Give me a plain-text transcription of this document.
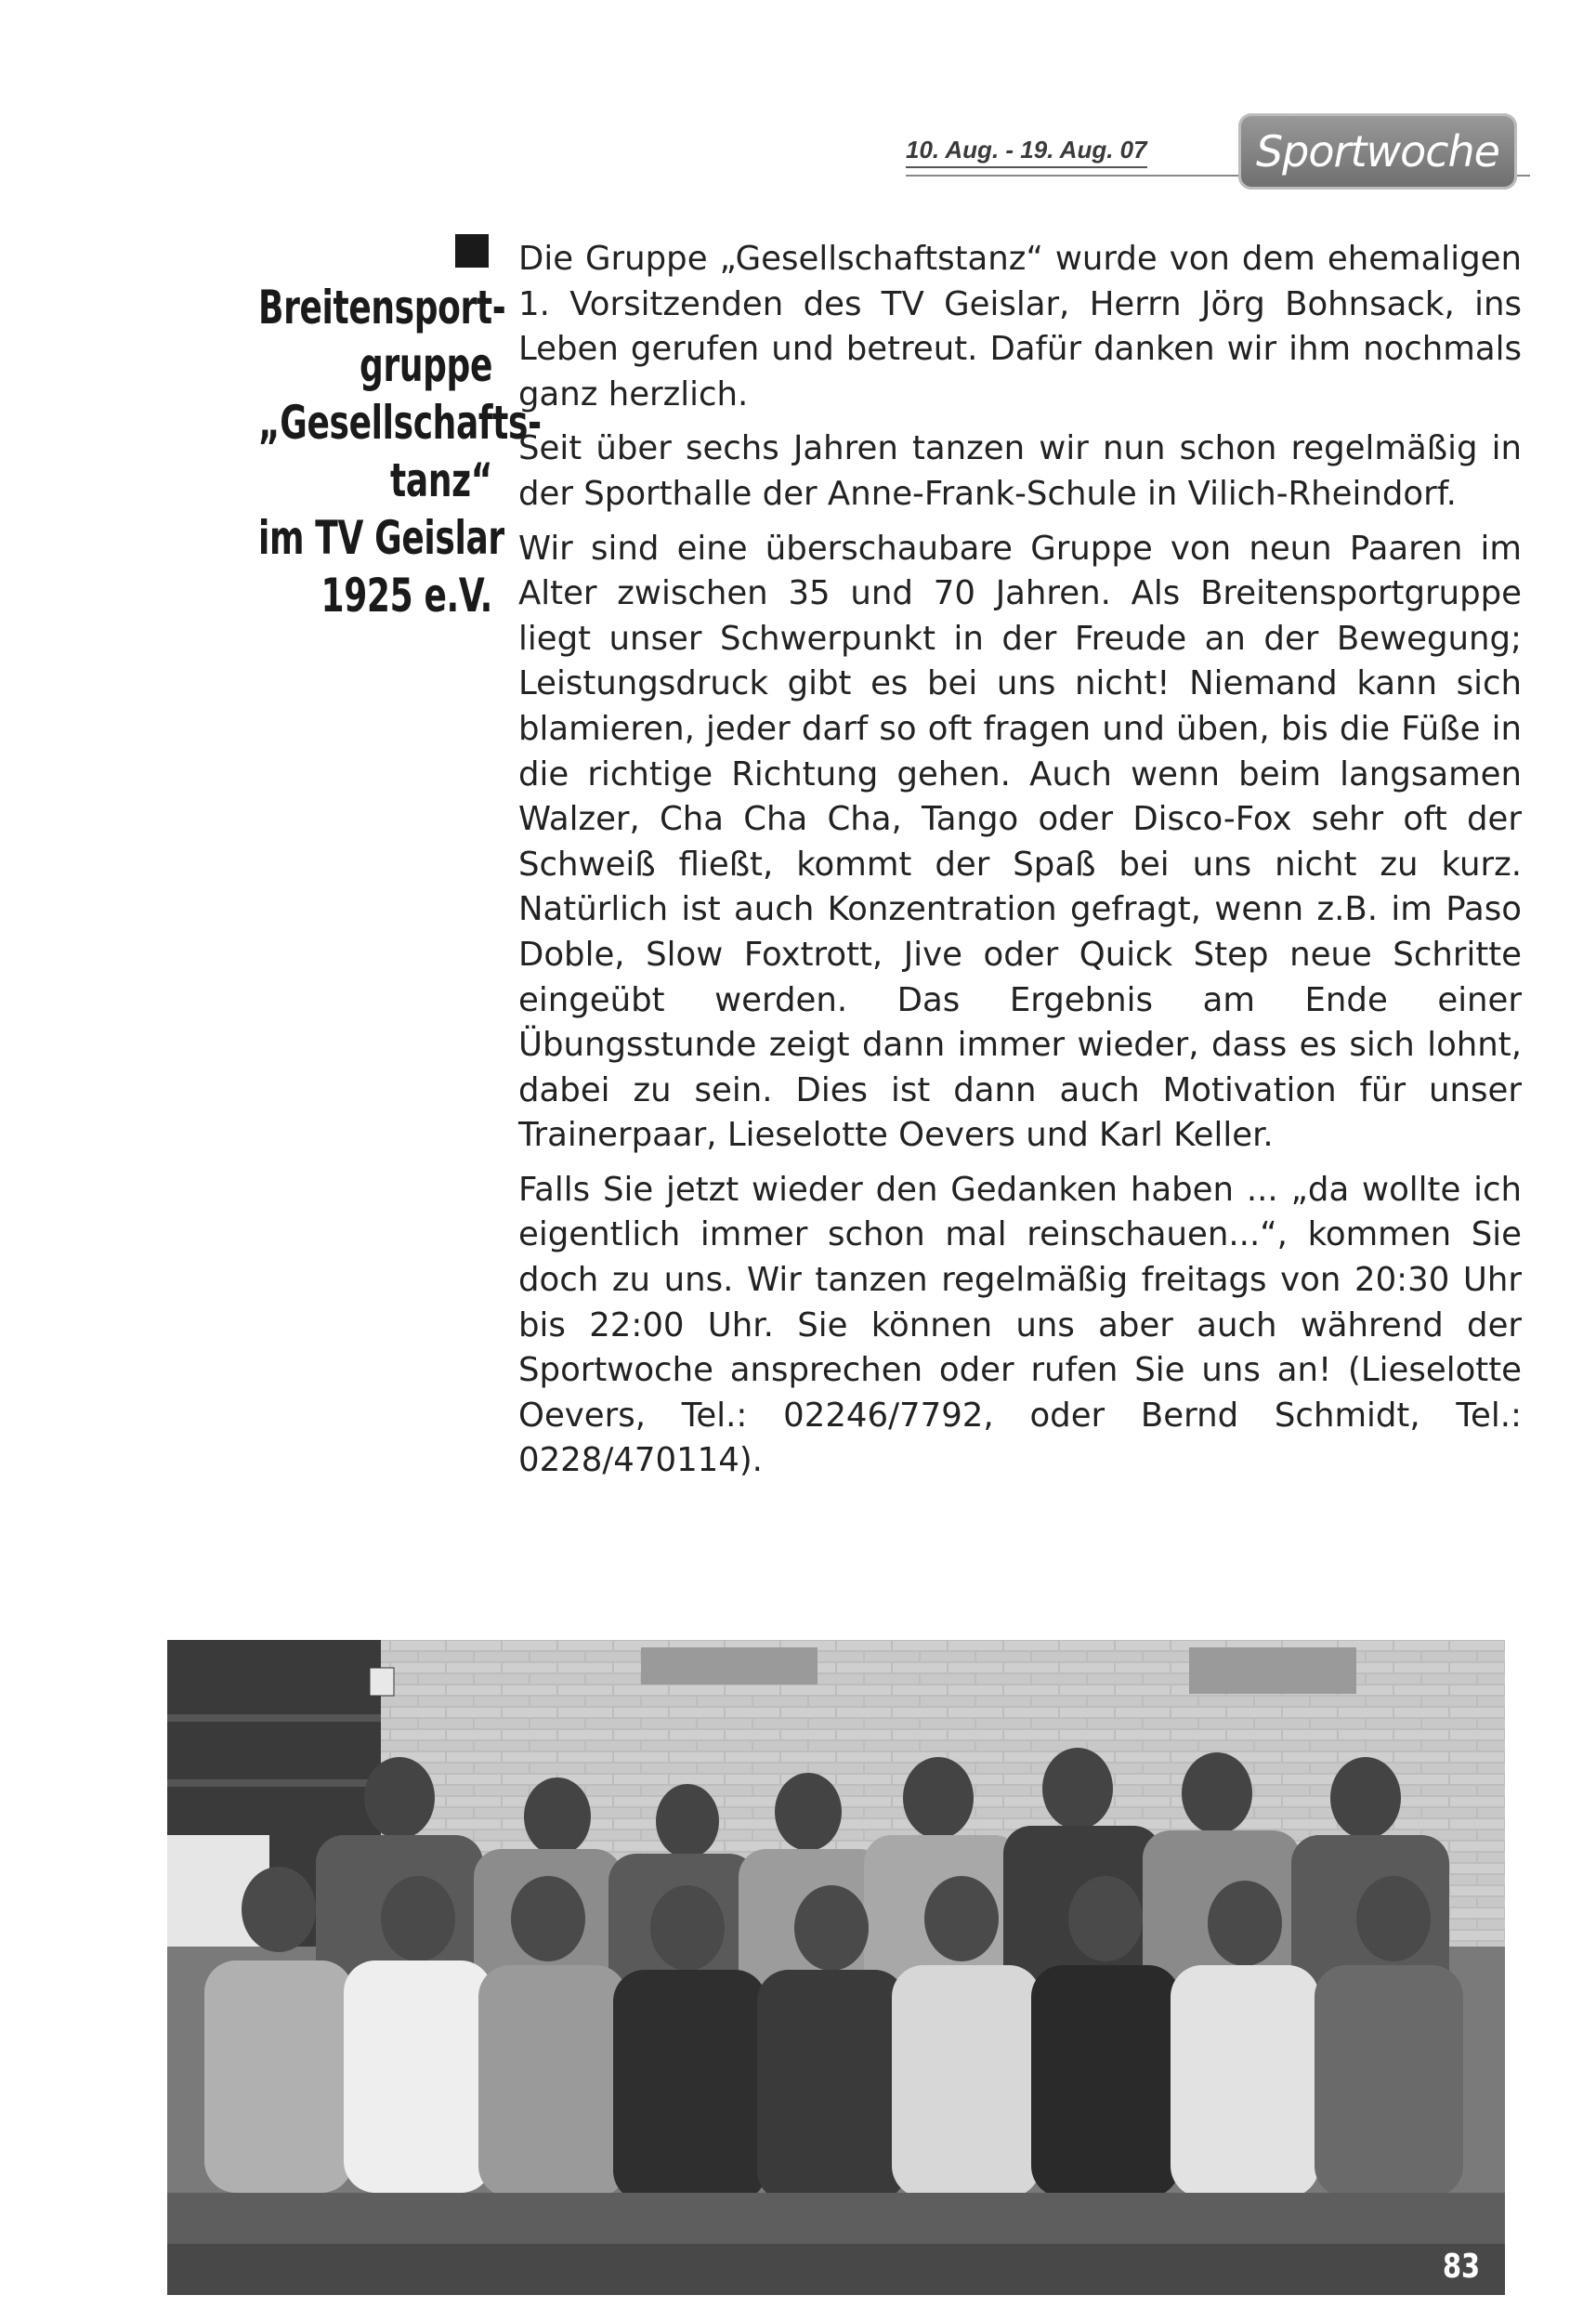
10. Aug. - 19. Aug. 07	Sportwoche
Breitensport-
gruppe
„Gesellschafts-
tanz“
im TV Geislar
1925 e.V.

Die Gruppe „Gesellschaftstanz“ wurde von dem ehemaligen 1. Vorsitzenden des TV Geislar, Herrn Jörg Bohnsack, ins Leben gerufen und betreut. Dafür danken wir ihm nochmals ganz herzlich.

Seit über sechs Jahren tanzen wir nun schon regelmäßig in der Sporthalle der Anne-Frank-Schule in Vilich-Rheindorf.

Wir sind eine überschaubare Gruppe von neun Paaren im Alter zwischen 35 und 70 Jahren. Als Breitensportgruppe liegt unser Schwerpunkt in der Freude an der Bewegung; Leistungsdruck gibt es bei uns nicht! Niemand kann sich blamieren, jeder darf so oft fragen und üben, bis die Füße in die richtige Richtung gehen. Auch wenn beim langsamen Walzer, Cha Cha Cha, Tango oder Disco-Fox sehr oft der Schweiß fließt, kommt der Spaß bei uns nicht zu kurz. Natürlich ist auch Konzentration gefragt, wenn z.B. im Paso Doble, Slow Foxtrott, Jive oder Quick Step neue Schritte eingeübt werden. Das Ergebnis am Ende einer Übungsstunde zeigt dann immer wieder, dass es sich lohnt, dabei zu sein. Dies ist dann auch Motivation für unser Trainerpaar, Lieselotte Oevers und Karl Keller.

Falls Sie jetzt wieder den Gedanken haben ... „da wollte ich eigentlich immer schon mal reinschauen...“, kommen Sie doch zu uns. Wir tanzen regelmäßig freitags von 20:30 Uhr bis 22:00 Uhr. Sie können uns aber auch während der Sportwoche ansprechen oder rufen Sie uns an! (Lieselotte Oevers, Tel.: 02246/7792, oder Bernd Schmidt, Tel.: 0228/470114).

83
